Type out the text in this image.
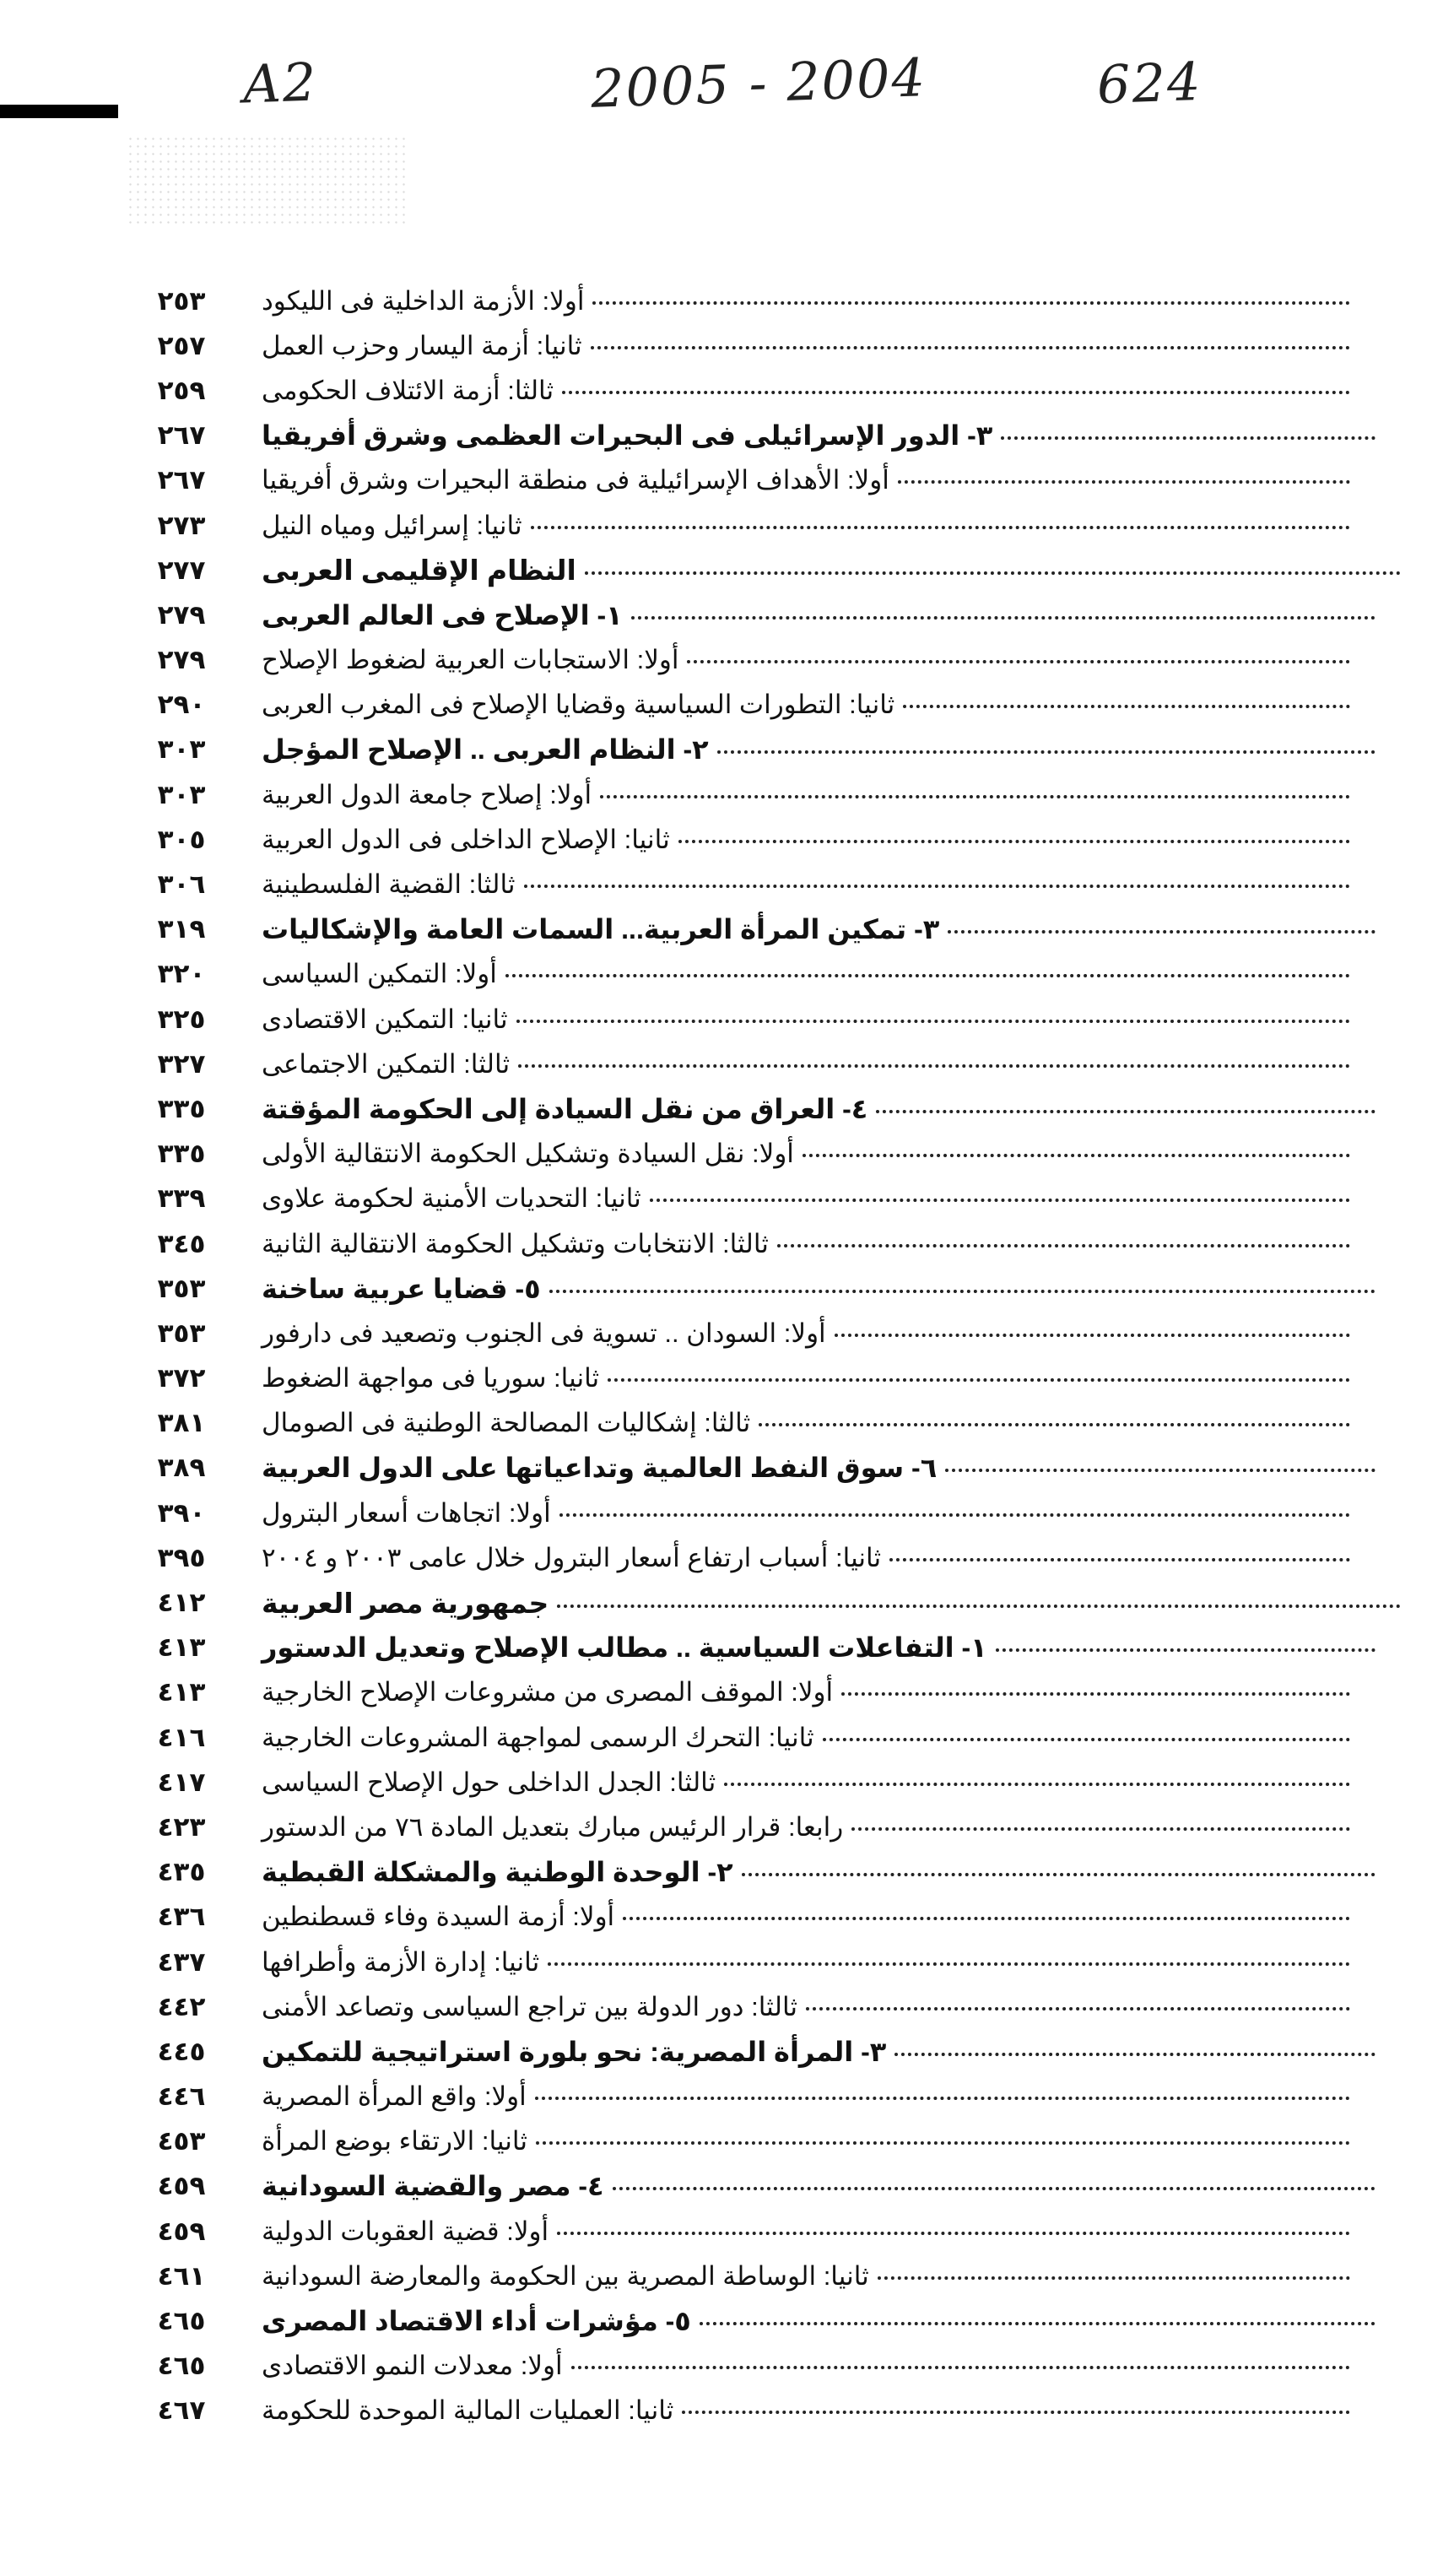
A2	2005 - 2004	624
٢٥٣	أولا: الأزمة الداخلية فى الليكود
٢٥٧	ثانيا: أزمة اليسار وحزب العمل
٢٥٩	ثالثا: أزمة الائتلاف الحكومى
٢٦٧	٣- الدور الإسرائيلى فى البحيرات العظمى وشرق أفريقيا
٢٦٧	أولا: الأهداف الإسرائيلية فى منطقة البحيرات وشرق أفريقيا
٢٧٣	ثانيا: إسرائيل ومياه النيل
٢٧٧	النظام الإقليمى العربى
٢٧٩	١- الإصلاح فى العالم العربى
٢٧٩	أولا: الاستجابات العربية لضغوط الإصلاح
٢٩٠	ثانيا: التطورات السياسية وقضايا الإصلاح فى المغرب العربى
٣٠٣	٢- النظام العربى .. الإصلاح المؤجل
٣٠٣	أولا: إصلاح جامعة الدول العربية
٣٠٥	ثانيا: الإصلاح الداخلى فى الدول العربية
٣٠٦	ثالثا: القضية الفلسطينية
٣١٩	٣- تمكين المرأة العربية... السمات العامة والإشكاليات
٣٢٠	أولا: التمكين السياسى
٣٢٥	ثانيا: التمكين الاقتصادى
٣٢٧	ثالثا: التمكين الاجتماعى
٣٣٥	٤- العراق من نقل السيادة إلى الحكومة المؤقتة
٣٣٥	أولا: نقل السيادة وتشكيل الحكومة الانتقالية الأولى
٣٣٩	ثانيا: التحديات الأمنية لحكومة علاوى
٣٤٥	ثالثا: الانتخابات وتشكيل الحكومة الانتقالية الثانية
٣٥٣	٥- قضايا عربية ساخنة
٣٥٣	أولا: السودان .. تسوية فى الجنوب وتصعيد فى دارفور
٣٧٢	ثانيا: سوريا فى مواجهة الضغوط
٣٨١	ثالثا: إشكاليات المصالحة الوطنية فى الصومال
٣٨٩	٦- سوق النفط العالمية وتداعياتها على الدول العربية
٣٩٠	أولا: اتجاهات أسعار البترول
٣٩٥	ثانيا: أسباب ارتفاع أسعار البترول خلال عامى ٢٠٠٣ و ٢٠٠٤
٤١٢	جمهورية مصر العربية
٤١٣	١- التفاعلات السياسية .. مطالب الإصلاح وتعديل الدستور
٤١٣	أولا: الموقف المصرى من مشروعات الإصلاح الخارجية
٤١٦	ثانيا: التحرك الرسمى لمواجهة المشروعات الخارجية
٤١٧	ثالثا: الجدل الداخلى حول الإصلاح السياسى
٤٢٣	رابعا: قرار الرئيس مبارك بتعديل المادة ٧٦ من الدستور
٤٣٥	٢- الوحدة الوطنية والمشكلة القبطية
٤٣٦	أولا: أزمة السيدة وفاء قسطنطين
٤٣٧	ثانيا: إدارة الأزمة وأطرافها
٤٤٢	ثالثا: دور الدولة بين تراجع السياسى وتصاعد الأمنى
٤٤٥	٣- المرأة المصرية: نحو بلورة استراتيجية للتمكين
٤٤٦	أولا: واقع المرأة المصرية
٤٥٣	ثانيا: الارتقاء بوضع المرأة
٤٥٩	٤- مصر والقضية السودانية
٤٥٩	أولا: قضية العقوبات الدولية
٤٦١	ثانيا: الوساطة المصرية بين الحكومة والمعارضة السودانية
٤٦٥	٥- مؤشرات أداء الاقتصاد المصرى
٤٦٥	أولا: معدلات النمو الاقتصادى
٤٦٧	ثانيا: العمليات المالية الموحدة للحكومة
